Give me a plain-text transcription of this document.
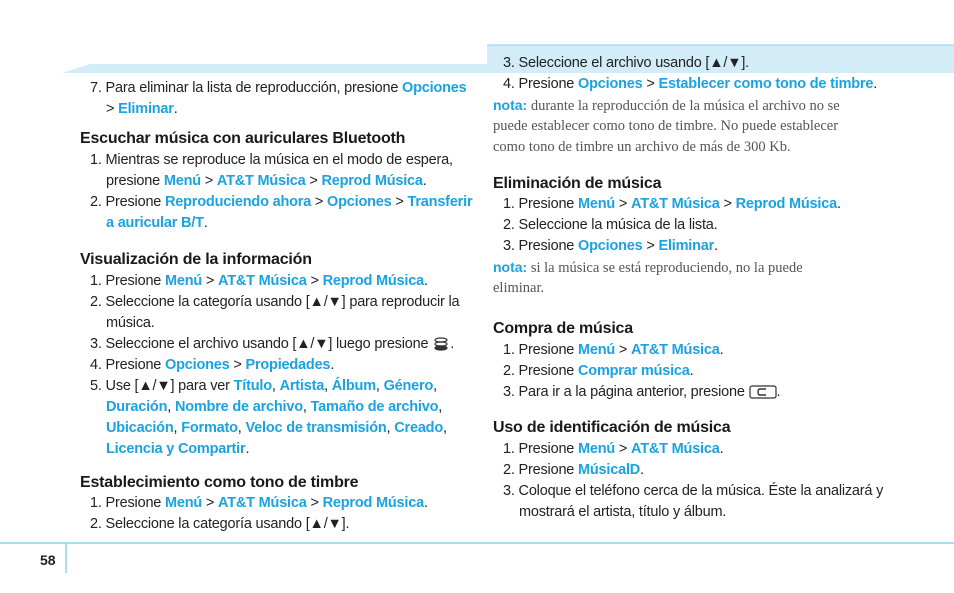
7. Para eliminar la lista de reproducción, presione Opciones
> Eliminar.
Escuchar música con auriculares Bluetooth
1. Mientras se reproduce la música en el modo de espera,
presione Menú > AT&T Música > Reprod Música.
2. Presione Reproduciendo ahora > Opciones > Transferir
a auricular B/T.
Visualización de la información
1. Presione Menú > AT&T Música > Reprod Música.
2. Seleccione la categoría usando [▲/▼] para reproducir la
música.
3. Seleccione el archivo usando [▲/▼] luego presione .
4. Presione Opciones > Propiedades.
5. Use [▲/▼] para ver Título, Artista, Álbum, Género,
Duración, Nombre de archivo, Tamaño de archivo,
Ubicación, Formato, Veloc de transmisión, Creado,
Licencia y Compartir.
Establecimiento como tono de timbre
1. Presione Menú > AT&T Música > Reprod Música.
2. Seleccione la categoría usando [▲/▼].
3. Seleccione el archivo usando [▲/▼].
4. Presione Opciones > Establecer como tono de timbre.
nota: durante la reproducción de la música el archivo no se
puede establecer como tono de timbre. No puede establecer
como tono de timbre un archivo de más de 300 Kb.
Eliminación de música
1. Presione Menú > AT&T Música > Reprod Música.
2. Seleccione la música de la lista.
3. Presione Opciones > Eliminar.
nota: si la música se está reproduciendo, no la puede
eliminar.
Compra de música
1. Presione Menú > AT&T Música.
2. Presione Comprar música.
3. Para ir a la página anterior, presione .
Uso de identificación de música
1. Presione Menú > AT&T Música.
2. Presione MúsicalD.
3. Coloque el teléfono cerca de la música. Éste la analizará y
mostrará el artista, título y álbum.
58
